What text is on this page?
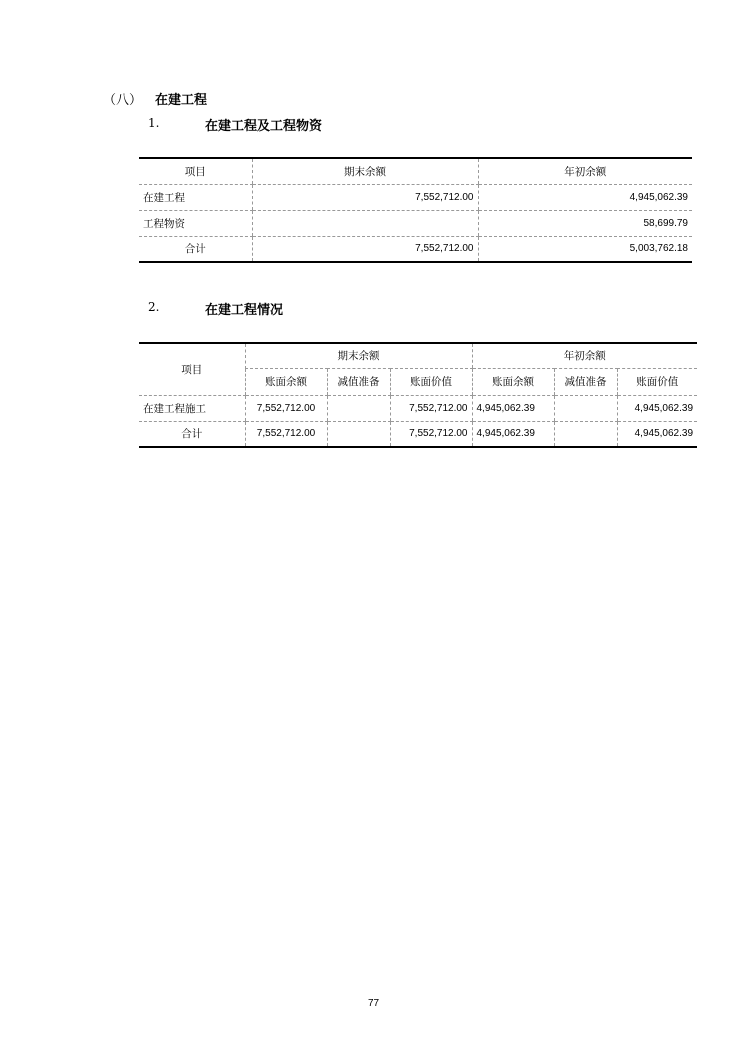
（八） 在建工程
1.	在建工程及工程物资
项目	期末余额	年初余额
在建工程	7,552,712.00	4,945,062.39
工程物资		58,699.79
合计	7,552,712.00	5,003,762.18
2.	在建工程情况
项目	期末余额			年初余额		
	账面余额	减值准备	账面价值	账面余额	减值准备	账面价值
在建工程施工	7,552,712.00		7,552,712.00	4,945,062.39		4,945,062.39
合计	7,552,712.00		7,552,712.00	4,945,062.39		4,945,062.39
77
